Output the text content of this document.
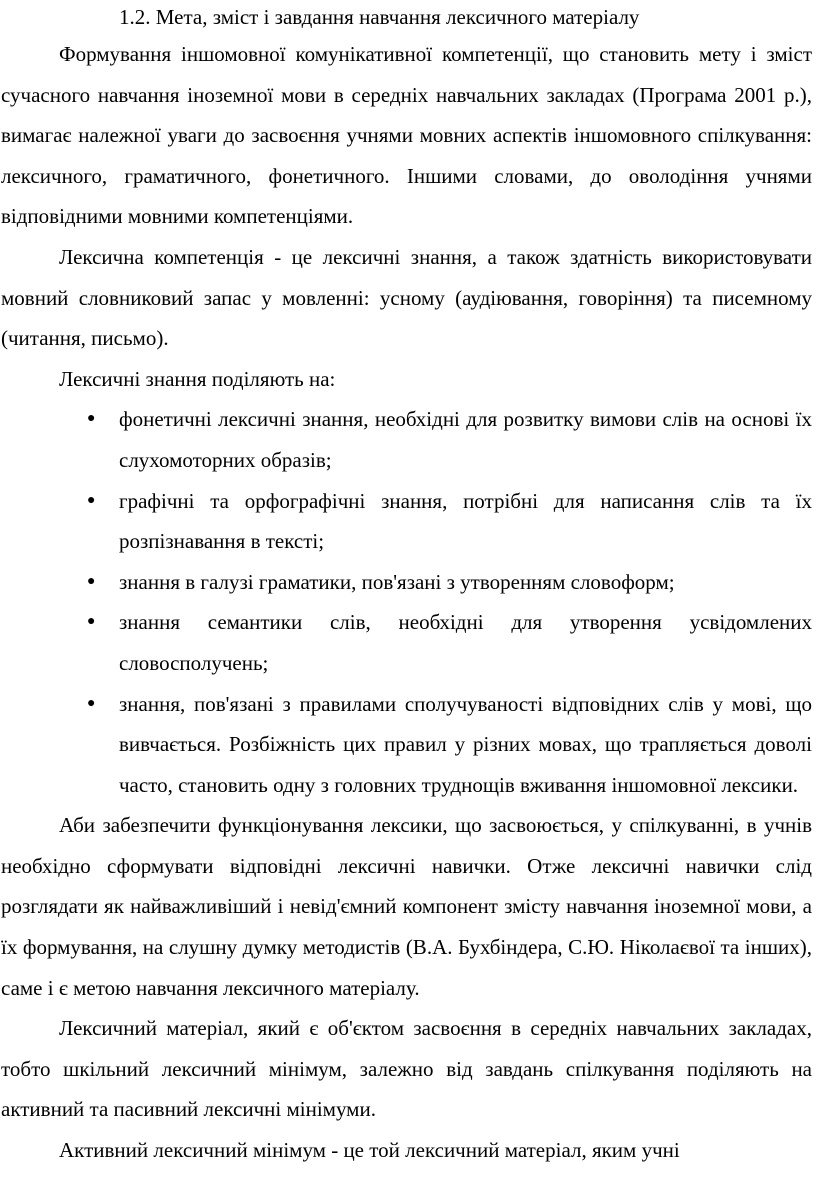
1.2. Мета, зміст і завдання навчання лексичного матеріалу

Формування іншомовної комунікативної компетенції, що становить мету і зміст сучасного навчання іноземної мови в середніх навчальних закладах (Програма 2001 р.), вимагає належної уваги до засвоєння учнями мовних аспектів іншомовного спілкування: лексичного, граматичного, фонетичного. Іншими словами, до оволодіння учнями відповідними мовними компетенціями.

Лексична компетенція - це лексичні знання, а також здатність використовувати мовний словниковий запас у мовленні: усному (аудіювання, говоріння) та писемному (читання, письмо).

Лексичні знання поділяють на:

● фонетичні лексичні знання, необхідні для розвитку вимови слів на основі їх слухомоторних образів;
● графічні та орфографічні знання, потрібні для написання слів та їх розпізнавання в тексті;
● знання в галузі граматики, пов'язані з утворенням словоформ;
● знання семантики слів, необхідні для утворення усвідомлених словосполучень;
● знання, пов'язані з правилами сполучуваності відповідних слів у мові, що вивчається. Розбіжність цих правил у різних мовах, що трапляється доволі часто, становить одну з головних труднощів вживання іншомовної лексики.

Аби забезпечити функціонування лексики, що засвоюється, у спілкуванні, в учнів необхідно сформувати відповідні лексичні навички. Отже лексичні навички слід розглядати як найважливіший і невід'ємний компонент змісту навчання іноземної мови, а їх формування, на слушну думку методистів (В.А. Бухбіндера, С.Ю. Ніколаєвої та інших), саме і є метою навчання лексичного матеріалу.

Лексичний матеріал, який є об'єктом засвоєння в середніх навчальних закладах, тобто шкільний лексичний мінімум, залежно від завдань спілкування поділяють на активний та пасивний лексичні мінімуми.

Активний лексичний мінімум - це той лексичний матеріал, яким учні
